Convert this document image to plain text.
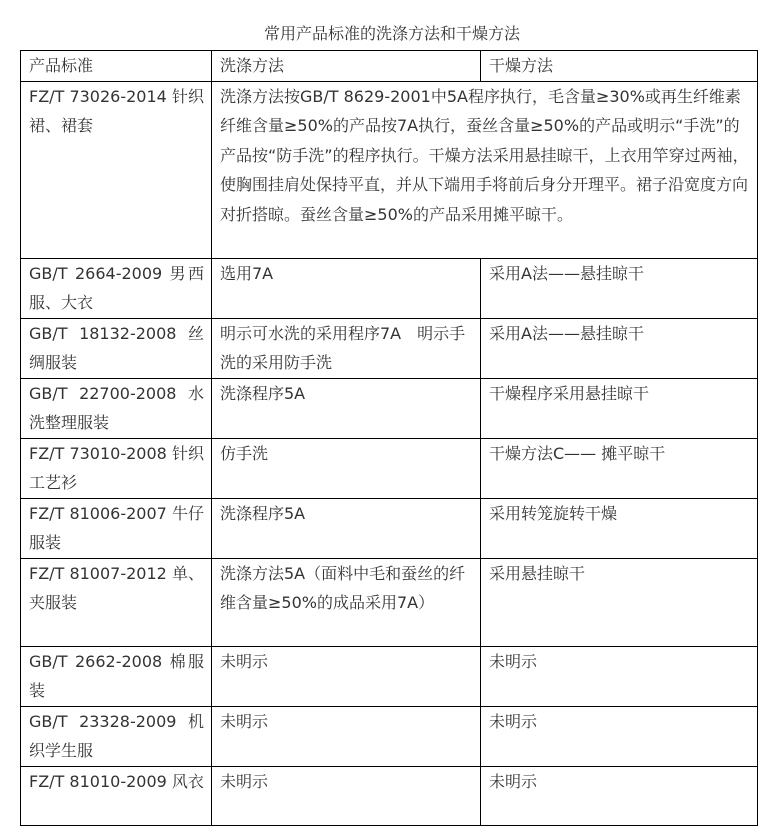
常用产品标准的洗涤方法和干燥方法
产品标准	洗涤方法	干燥方法
FZ/T 73026-2014 针织裙、裙套	洗涤方法按GB/T 8629-2001中5A程序执行，毛含量≥30%或再生纤维素纤维含量≥50%的产品按7A执行，蚕丝含量≥50%的产品或明示“手洗”的产品按“防手洗”的程序执行。干燥方法采用悬挂晾干，上衣用竿穿过两袖，使胸围挂肩处保持平直，并从下端用手将前后身分开理平。裙子沿宽度方向对折搭晾。蚕丝含量≥50%的产品采用摊平晾干。	
GB/T 2664-2009 男西服、大衣	选用7A	采用A法——悬挂晾干
GB/T 18132-2008 丝绸服装	明示可水洗的采用程序7A　明示手洗的采用防手洗	采用A法——悬挂晾干
GB/T 22700-2008 水洗整理服装	洗涤程序5A	干燥程序采用悬挂晾干
FZ/T 73010-2008 针织工艺衫	仿手洗	干燥方法C—— 摊平晾干
FZ/T 81006-2007 牛仔服装	洗涤程序5A	采用转笼旋转干燥
FZ/T 81007-2012 单、夹服装	洗涤方法5A（面料中毛和蚕丝的纤维含量≥50%的成品采用7A）	采用悬挂晾干
GB/T 2662-2008 棉服装	未明示	未明示
GB/T 23328-2009 机织学生服	未明示	未明示
FZ/T 81010-2009 风衣	未明示	未明示
